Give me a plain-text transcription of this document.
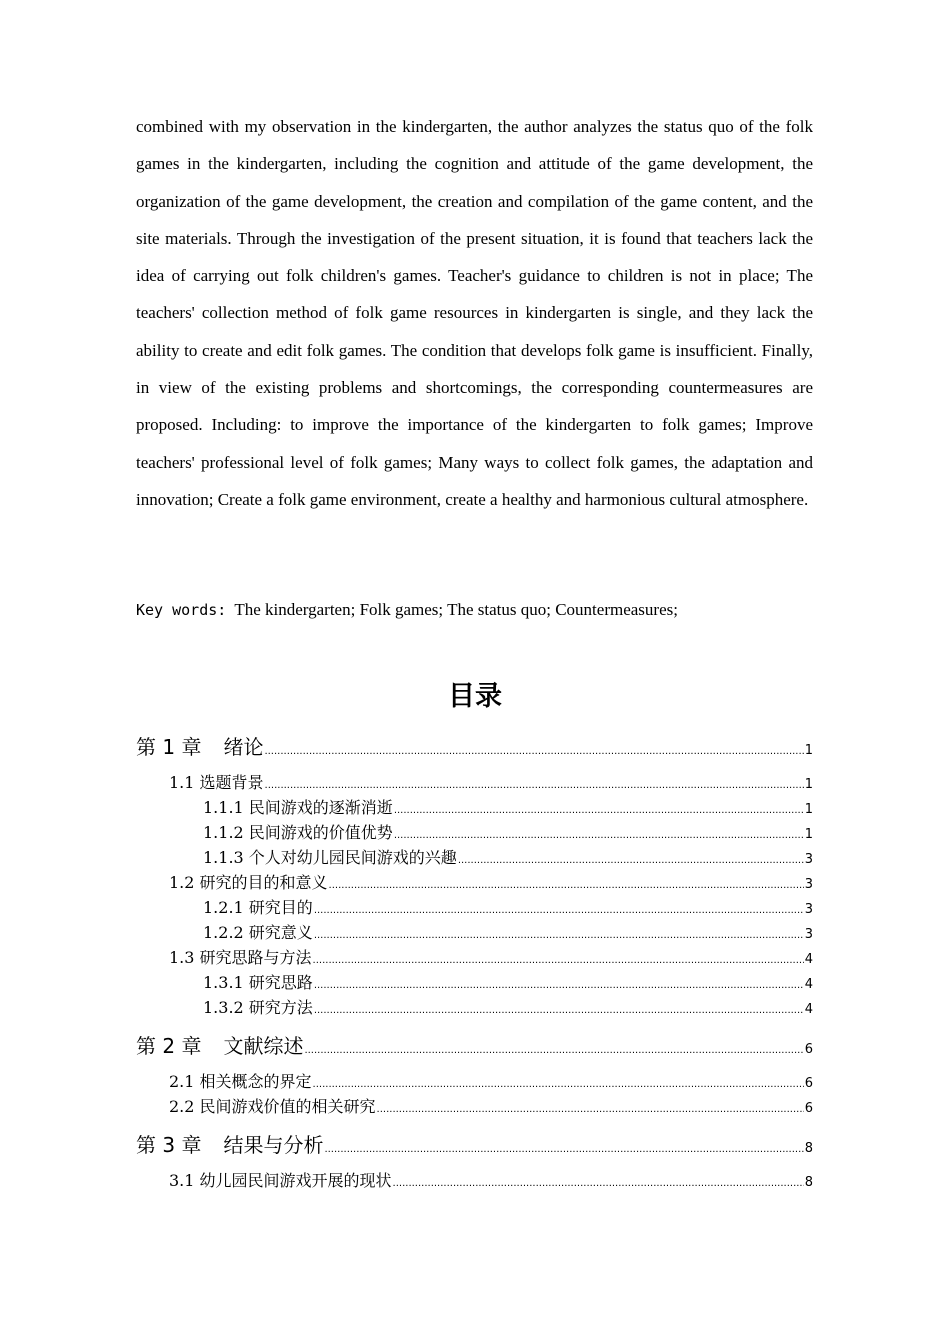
combined with my observation in the kindergarten, the author analyzes the status quo of the folk games in the kindergarten, including the cognition and attitude of the game development, the organization of the game development, the creation and compilation of the game content, and the site materials. Through the investigation of the present situation, it is found that teachers lack the idea of carrying out folk children's games. Teacher's guidance to children is not in place; The teachers' collection method of folk game resources in kindergarten is single, and they lack the ability to create and edit folk games. The condition that develops folk game is insufficient. Finally, in view of the existing problems and shortcomings, the corresponding countermeasures are proposed. Including: to improve the importance of the kindergarten to folk games; Improve teachers' professional level of folk games; Many ways to collect folk games, the adaptation and innovation; Create a folk game environment, create a healthy and harmonious cultural atmosphere.

Key words: The kindergarten; Folk games; The status quo; Countermeasures;

目录
第 1 章 绪论 .....	1
1.1 选题背景 .....	1
1.1.1 民间游戏的逐渐消逝 .....	1
1.1.2 民间游戏的价值优势 .....	1
1.1.3 个人对幼儿园民间游戏的兴趣 .....	3
1.2 研究的目的和意义 .....	3
1.2.1 研究目的 .....	3
1.2.2 研究意义 .....	3
1.3 研究思路与方法 .....	4
1.3.1 研究思路 .....	4
1.3.2 研究方法 .....	4
第 2 章 文献综述 .....	6
2.1 相关概念的界定 .....	6
2.2 民间游戏价值的相关研究 .....	6
第 3 章 结果与分析 .....	8
3.1 幼儿园民间游戏开展的现状 .....	8
